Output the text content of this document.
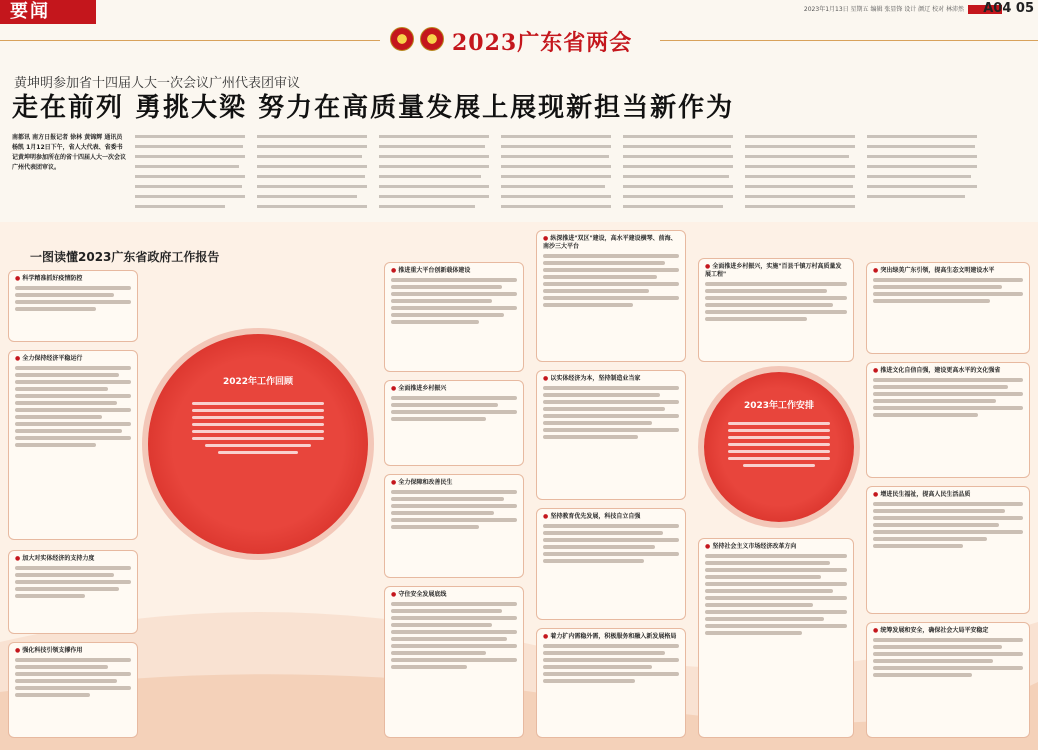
要闻	2023年1月13日 星期五 编辑 张显锋 设计 颜辽 校对 林沛然 A04 05
2023广东省两会
黄坤明参加省十四届人大一次会议广州代表团审议
走在前列 勇挑大梁 努力在高质量发展上展现新担当新作为
南都讯 南方日报记者 徐林 黄锦辉 通讯员 杨凯 1月12日下午，省人大代表、省委书记黄坤明参加所在的省十四届人大一次会议广州代表团审议。
一图读懂2023广东省政府工作报告
● 科学精准抓好疫情防控
● 全力保持经济平稳运行
● 加大对实体经济的支持力度
● 强化科技引领支撑作用
2022年工作回顾
● 推进重大平台创新载体建设
● 全面推进乡村振兴
● 全力保障和改善民生
● 守住安全发展底线
● 纵深推进"双区"建设，高水平建设横琴、前海、南沙三大平台
● 以实体经济为本，坚持制造业当家
● 坚持教育优先发展，科技自立自强
● 着力扩内需稳外需，积极服务和融入新发展格局
● 全面推进乡村振兴，实施"百县千镇万村高质量发展工程"
2023年工作安排
● 坚持社会主义市场经济改革方向
● 突出绿美广东引领，提高生态文明建设水平
● 推进文化自信自强，建设更高水平的文化强省
● 增进民生福祉，提高人民生活品质
● 统筹发展和安全，确保社会大局平安稳定
